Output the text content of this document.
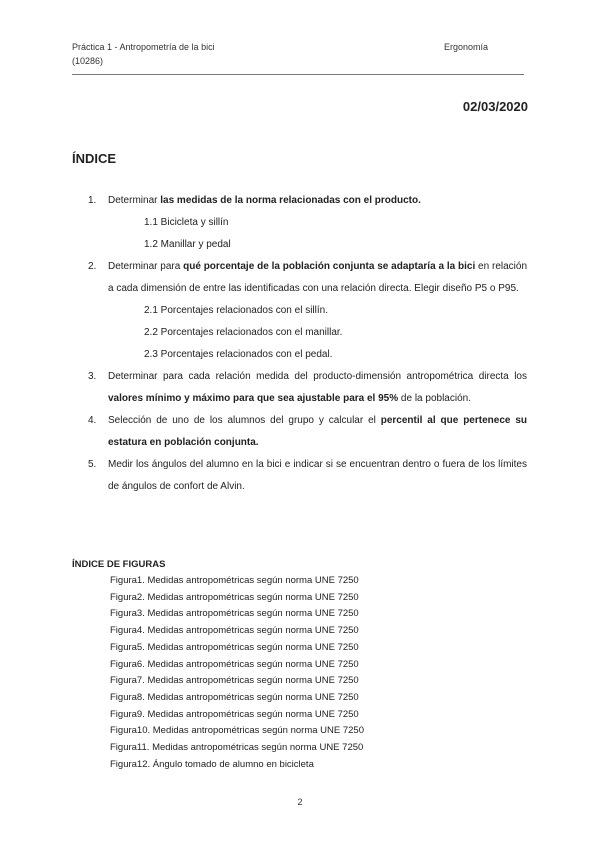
Práctica 1 - Antropometría de la bici
(10286)
Ergonomía
02/03/2020
ÍNDICE
1. Determinar las medidas de la norma relacionadas con el producto.
1.1 Bicicleta y sillín
1.2 Manillar y pedal
2. Determinar para qué porcentaje de la población conjunta se adaptaría a la bici en relación a cada dimensión de entre las identificadas con una relación directa. Elegir diseño P5 o P95.
2.1 Porcentajes relacionados con el sillín.
2.2 Porcentajes relacionados con el manillar.
2.3 Porcentajes relacionados con el pedal.
3. Determinar para cada relación medida del producto-dimensión antropométrica directa los valores mínimo y máximo para que sea ajustable para el 95% de la población.
4. Selección de uno de los alumnos del grupo y calcular el percentil al que pertenece su estatura en población conjunta.
5. Medir los ángulos del alumno en la bici e indicar si se encuentran dentro o fuera de los límites de ángulos de confort de Alvin.
ÍNDICE DE FIGURAS
Figura1. Medidas antropométricas según norma UNE 7250
Figura2. Medidas antropométricas según norma UNE 7250
Figura3. Medidas antropométricas según norma UNE 7250
Figura4. Medidas antropométricas según norma UNE 7250
Figura5. Medidas antropométricas según norma UNE 7250
Figura6. Medidas antropométricas según norma UNE 7250
Figura7. Medidas antropométricas según norma UNE 7250
Figura8. Medidas antropométricas según norma UNE 7250
Figura9. Medidas antropométricas según norma UNE 7250
Figura10. Medidas antropométricas según norma UNE 7250
Figura11. Medidas antropométricas según norma UNE 7250
Figura12. Ángulo tomado de alumno en bicicleta
2
